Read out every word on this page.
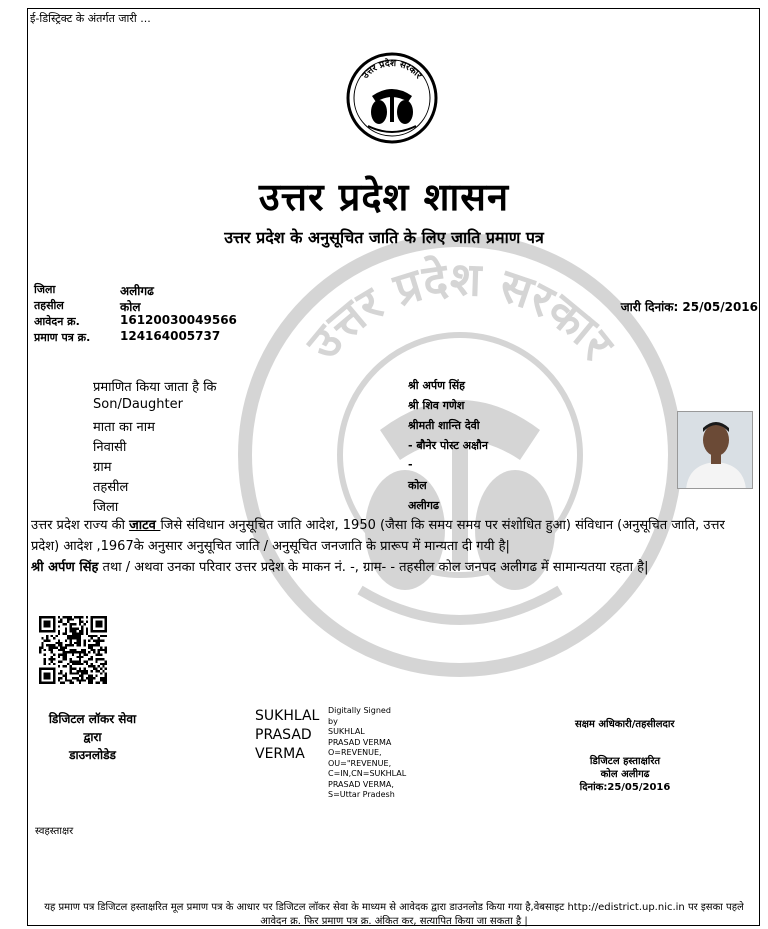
ई-डिस्ट्रिक्ट के अंतर्गत जारी ...
उत्तर प्रदेश सरकार
उत्तर प्रदेश सरकार
उत्तर प्रदेश शासन
उत्तर प्रदेश के अनुसूचित जाति के लिए जाति प्रमाण पत्र
जिला	अलीगढ
तहसील	कोल
आवेदन क्र.	16120030049566
प्रमाण पत्र क्र. 124164005737
जारी दिनांक: 25/05/2016
प्रमाणित किया जाता है कि	श्री अर्पण सिंह
Son/Daughter	श्री शिव गणेश
माता का नाम	श्रीमती शान्ति देवी
निवासी	- बौनेर पोस्ट अक्षौन
ग्राम	-
तहसील	कोल
जिला	अलीगढ
उत्तर प्रदेश राज्य की जाटव जिसे संविधान अनुसूचित जाति आदेश, 1950 (जैसा कि समय समय पर संशोधित हुआ) संविधान (अनुसूचित जाति, उत्तर प्रदेश) आदेश ,1967के अनुसार अनुसूचित जाति / अनुसूचित जनजाति के प्रारूप में मान्यता दी गयी है|
श्री अर्पण सिंह तथा / अथवा उनका परिवार उत्तर प्रदेश के माकन नं. -, ग्राम- - तहसील कोल जनपद अलीगढ में सामान्यतया रहता है|
डिजिटल लॉकर सेवा
द्वारा
डाउनलोडेड
SUKHLAL
PRASAD
VERMA
Digitally Signed
by
SUKHLAL
PRASAD VERMA
O=REVENUE,
OU="REVENUE,
C=IN,CN=SUKHLAL
PRASAD VERMA,
S=Uttar Pradesh
सक्षम अधिकारी/तहसीलदार
डिजिटल हस्ताक्षरित
कोल अलीगढ
दिनांक:25/05/2016
स्वहस्ताक्षर
यह प्रमाण पत्र डिजिटल हस्ताक्षरित मूल प्रमाण पत्र के आधार पर डिजिटल लॉकर सेवा के माध्यम से आवेदक द्वारा डाउनलोड किया गया है,वेबसाइट http://edistrict.up.nic.in पर इसका पहले
आवेदन क्र. फिर प्रमाण पत्र क्र. अंकित कर, सत्यापित किया जा सकता है |
